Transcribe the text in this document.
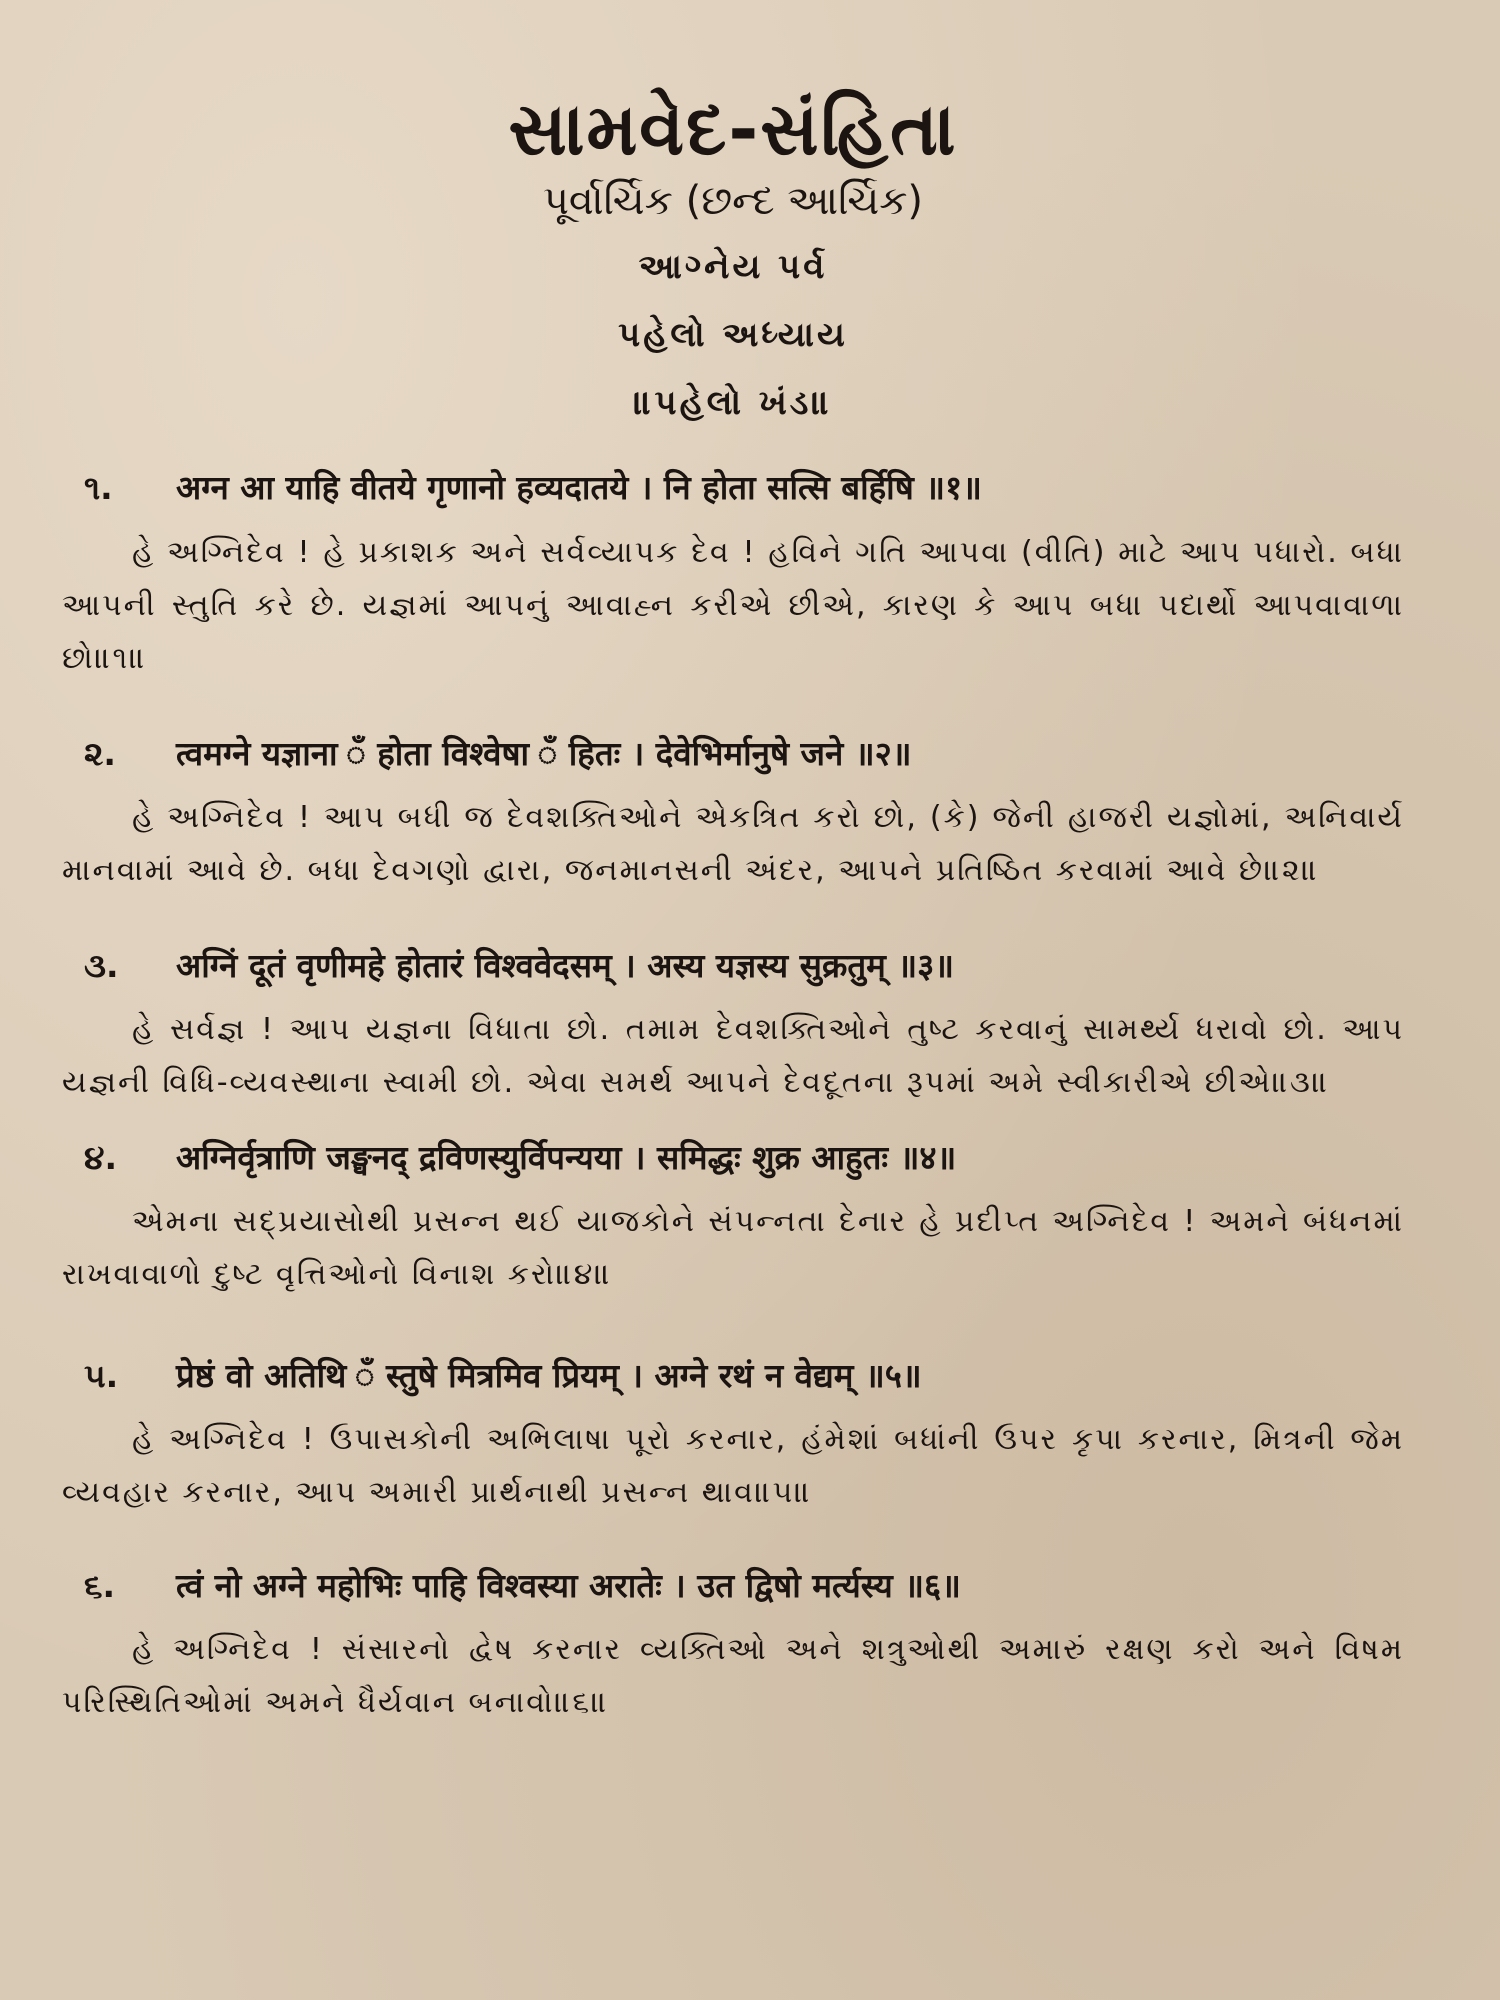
સામવેદ-સંહિતા
પૂર્વાર્ચિક (છન્દ આર્ચિક)
આગ્નેય પર્વ
પહેલો અધ્યાય
॥પહેલો ખંડ॥
૧.	अग्न आ याहि वीतये गृणानो हव्यदातये । नि होता सत्सि बर्हिषि ॥१॥

હે અગ્નિદેવ ! હે પ્રકાશક અને સર્વવ્યાપક દેવ ! હવિને ગતિ આપવા (વીતિ) માટે આપ પધારો. બધા આપની સ્તુતિ કરે છે. યજ્ઞમાં આપનું આવાહ્ન કરીએ છીએ, કારણ કે આપ બધા પદાર્થો આપવાવાળા છો॥૧॥

૨.	त्वमग्ने यज्ञाना ँ होता विश्वेषा ँ हितः । देवेभिर्मानुषे जने ॥२॥

હે અગ્નિદેવ ! આપ બધી જ દેવશક્તિઓને એકત્રિત કરો છો, (કે) જેની હાજરી યજ્ઞોમાં, અનિવાર્ય માનવામાં આવે છે. બધા દેવગણો દ્વારા, જનમાનસની અંદર, આપને પ્રતિષ્ઠિત કરવામાં આવે છે॥૨॥

૩.	अग्निं दूतं वृणीमहे होतारं विश्ववेदसम् । अस्य यज्ञस्य सुक्रतुम् ॥३॥

હે સર્વજ્ઞ ! આપ યજ્ઞના વિધાતા છો. તમામ દેવશક્તિઓને તુષ્ટ કરવાનું સામર્થ્ય ધરાવો છો. આપ યજ્ઞની વિધિ-વ્યવસ્થાના સ્વામી છો. એવા સમર્થ આપને દેવદૂતના રૂપમાં અમે સ્વીકારીએ છીએ॥૩॥

૪.	अग्निर्वृत्राणि जङ्घनद् द्रविणस्युर्विपन्यया । समिद्धः शुक्र आहुतः ॥४॥

એમના સદ્પ્રયાસોથી પ્રસન્ન થઈ યાજકોને સંપન્નતા દેનાર હે પ્રદીપ્ત અગ્નિદેવ ! અમને બંધનમાં રાખવાવાળો દુષ્ટ વૃત્તિઓનો વિનાશ કરો॥૪॥

૫.	प्रेष्ठं वो अतिथि ँ स्तुषे मित्रमिव प्रियम् । अग्ने रथं न वेद्यम् ॥५॥

હે અગ્નિદેવ ! ઉપાસકોની અભિલાષા પૂરો કરનાર, હંમેશાં બધાંની ઉપર કૃપા કરનાર, મિત્રની જેમ વ્યવહાર કરનાર, આપ અમારી પ્રાર્થનાથી પ્રસન્ન થાવ॥૫॥

૬.	त्वं नो अग्ने महोभिः पाहि विश्वस्या अरातेः । उत द्विषो मर्त्यस्य ॥६॥

હે અગ્નિદેવ ! સંસારનો દ્વેષ કરનાર વ્યક્તિઓ અને શત્રુઓથી અમારું રક્ષણ કરો અને વિષમ પરિસ્થિતિઓમાં અમને ધૈર્યવાન બનાવો॥૬॥
